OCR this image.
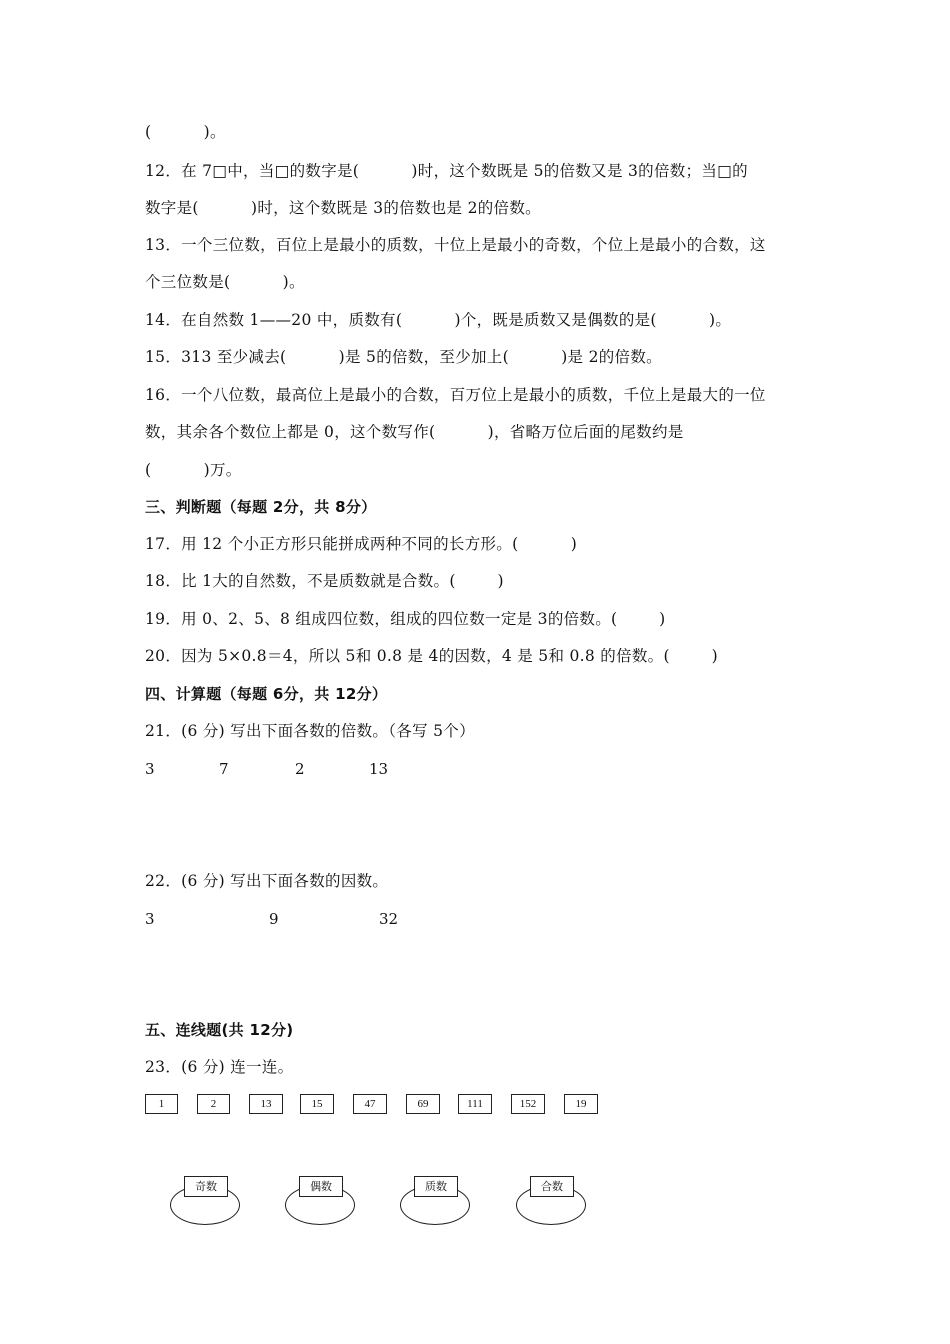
(          )。
12．在 7□中，当□的数字是(          )时，这个数既是 5的倍数又是 3的倍数；当□的
数字是(          )时，这个数既是 3的倍数也是 2的倍数。
13．一个三位数，百位上是最小的质数，十位上是最小的奇数，个位上是最小的合数，这
个三位数是(          )。
14．在自然数 1——20 中，质数有(          )个，既是质数又是偶数的是(          )。
15．313 至少减去(          )是 5的倍数，至少加上(          )是 2的倍数。
16．一个八位数，最高位上是最小的合数，百万位上是最小的质数，千位上是最大的一位
数，其余各个数位上都是 0，这个数写作(          )，省略万位后面的尾数约是
(          )万。
三、判断题（每题 2分，共 8分）
17．用 12 个小正方形只能拼成两种不同的长方形。(          )
18．比 1大的自然数，不是质数就是合数。(        )
19．用 0、2、5、8 组成四位数，组成的四位数一定是 3的倍数。(        )
20．因为 5×0.8＝4，所以 5和 0.8 是 4的因数，4 是 5和 0.8 的倍数。(        )
四、计算题（每题 6分，共 12分）
21．(6 分) 写出下面各数的倍数。（各写 5个）
3	7	2	13
22．(6 分) 写出下面各数的因数。
3	9	32
五、连线题(共 12分)
23．(6 分) 连一连。
1	2	13	15	47	69	111	152	19
奇数	偶数	质数	合数
